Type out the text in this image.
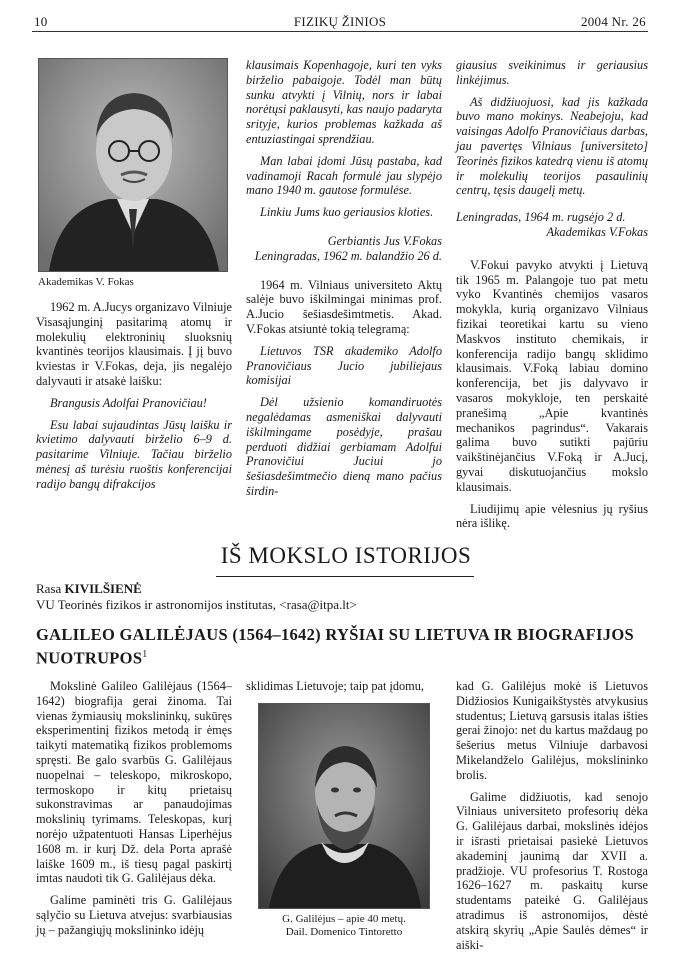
10	FIZIKŲ ŽINIOS	2004 Nr. 26
Akademikas V. Fokas

1962 m. A.Jucys organizavo Vilniuje Visasąjunginį pasitarimą atomų ir molekulių elektroninių sluoksnių kvantinės teorijos klausimais. Į jį buvo kviestas ir V.Fokas, deja, jis negalėjo dalyvauti ir atsakė laišku:

Brangusis Adolfai Pranovičiau!

Esu labai sujaudintas Jūsų laišku ir kvietimo dalyvauti birželio 6–9 d. pasitarime Vilniuje. Tačiau birželio mėnesį aš turėsiu ruoštis konferencijai radijo bangų difrakcijos

klausimais Kopenhagoje, kuri ten vyks birželio pabaigoje. Todėl man būtų sunku atvykti į Vilnių, nors ir labai norėtųsi paklausyti, kas naujo padaryta srityje, kurios problemas kažkada aš entuziastingai sprendžiau.

Man labai įdomi Jūsų pastaba, kad vadinamoji Racah formulė jau slypėjo mano 1940 m. gautose formulėse.

Linkiu Jums kuo geriausios kloties.

Gerbiantis Jus V.Fokas

Leningradas, 1962 m. balandžio 26 d.

1964 m. Vilniaus universiteto Aktų salėje buvo iškilmingai minimas prof. A.Jucio šešiasdešimtmetis. Akad. V.Fokas atsiuntė tokią telegramą:

Lietuvos TSR akademiko Adolfo Pranovičiaus Jucio jubiliejaus komisijai

Dėl užsienio komandiruotės negalėdamas asmeniškai dalyvauti iškilmingame posėdyje, prašau perduoti didžiai gerbiamam Adolfui Pranovičiui Juciui jo šešiasdešimtmečio dieną mano pačius širdin-

giausius sveikinimus ir geriausius linkėjimus.

Aš didžiuojuosi, kad jis kažkada buvo mano mokinys. Neabejoju, kad vaisingas Adolfo Pranovičiaus darbas, jau pavertęs Vilniaus [universiteto] Teorinės fizikos katedrą vienu iš atomų ir molekulių teorijos pasaulinių centrų, tęsis daugelį metų.

Leningradas, 1964 m. rugsėjo 2 d.

Akademikas V.Fokas

V.Fokui pavyko atvykti į Lietuvą tik 1965 m. Palangoje tuo pat metu vyko Kvantinės chemijos vasaros mokykla, kurią organizavo Vilniaus fizikai teoretikai kartu su vieno Maskvos instituto chemikais, ir konferencija radijo bangų sklidimo klausimais. V.Foką labiau domino konferencija, bet jis dalyvavo ir vasaros mokykloje, ten perskaitė pranešimą „Apie kvantinės mechanikos pagrindus“. Vakarais galima buvo sutikti pajūriu vaikštinėjančius V.Foką ir A.Jucį, gyvai diskutuojančius mokslo klausimais.

Liudijimų apie vėlesnius jų ryšius nėra išlikę.

IŠ MOKSLO ISTORIJOS
Rasa KIVILŠIENĖ
VU Teorinės fizikos ir astronomijos institutas, <rasa@itpa.lt>
GALILEO GALILĖJAUS (1564–1642) RYŠIAI SU LIETUVA IR BIOGRAFIJOS NUOTRUPOS$^1$

Mokslinė Galileo Galilėjaus (1564–1642) biografija gerai žinoma. Tai vienas žymiausių mokslininkų, sukūręs eksperimentinį fizikos metodą ir ėmęs taikyti matematiką fizikos problemoms spręsti. Be galo svarbūs G. Galilėjaus nuopelnai – teleskopo, mikroskopo, termoskopo ir kitų prietaisų sukonstravimas ar panaudojimas mokslinių tyrimams. Teleskopas, kurį norėjo užpatentuoti Hansas Liperhėjus 1608 m. ir kurį Dž. dela Porta aprašė laiške 1609 m., iš tiesų pagal paskirtį imtas naudoti tik G. Galilėjaus dėka.

Galime paminėti tris G. Galilėjaus sąlyčio su Lietuva atvejus: svarbiausias jų – pažangiųjų mokslininko idėjų

sklidimas Lietuvoje; taip pat įdomu,

G. Galilėjus – apie 40 metų.
Dail. Domenico Tintoretto

kad G. Galilėjus mokė iš Lietuvos Didžiosios Kunigaikštystės atvykusius studentus; Lietuvą garsusis italas išties gerai žinojo: net du kartus maždaug po šešerius metus Vilniuje darbavosi Mikelandželo Galilėjus, mokslininko brolis.

Galime didžiuotis, kad senojo Vilniaus universiteto profesorių dėka G. Galilėjaus darbai, mokslinės idėjos ir išrasti prietaisai pasiekė Lietuvos akademinį jaunimą dar XVII a. pradžioje. VU profesorius T. Rostoga 1626–1627 m. paskaitų kurse studentams pateikė G. Galilėjaus atradimus iš astronomijos, dėstė atskirą skyrių „Apie Saulės dėmes“ ir aiški-
